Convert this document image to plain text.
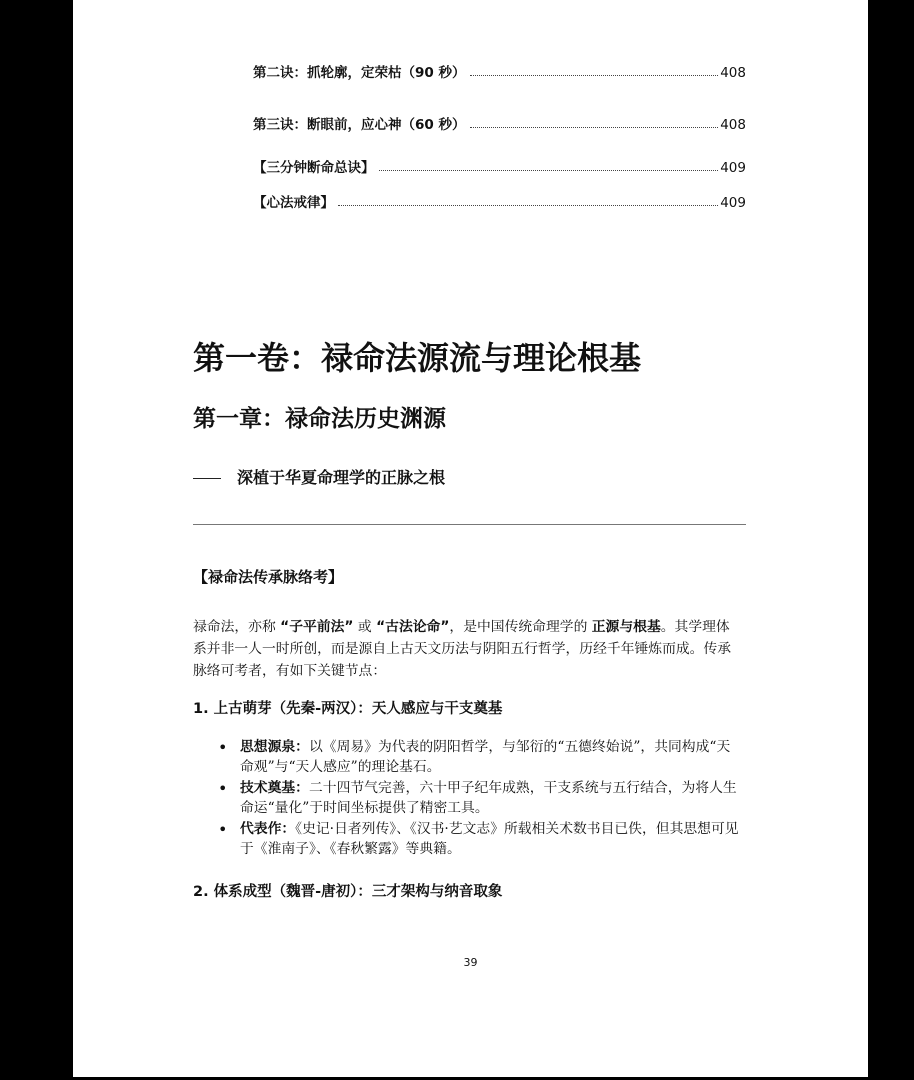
第二诀：抓轮廓，定荣枯（90 秒）	408
第三诀：断眼前，应心神（60 秒）	408
【三分钟断命总诀】	409
【心法戒律】	409
第一卷：禄命法源流与理论根基
第一章：禄命法历史渊源
深植于华夏命理学的正脉之根
【禄命法传承脉络考】

禄命法，亦称 “子平前法” 或 “古法论命”，是中国传统命理学的 正源与根基。其学理体系并非一人一时所创，而是源自上古天文历法与阴阳五行哲学，历经千年锤炼而成。传承脉络可考者，有如下关键节点：

1. 上古萌芽（先秦-两汉）：天人感应与干支奠基
• 思想源泉：以《周易》为代表的阴阳哲学，与邹衍的“五德终始说”，共同构成“天命观”与“天人感应”的理论基石。
• 技术奠基：二十四节气完善，六十甲子纪年成熟，干支系统与五行结合，为将人生命运“量化”于时间坐标提供了精密工具。
• 代表作：《史记·日者列传》、《汉书·艺文志》所载相关术数书目已佚，但其思想可见于《淮南子》、《春秋繁露》等典籍。
2. 体系成型（魏晋-唐初）：三才架构与纳音取象
39
